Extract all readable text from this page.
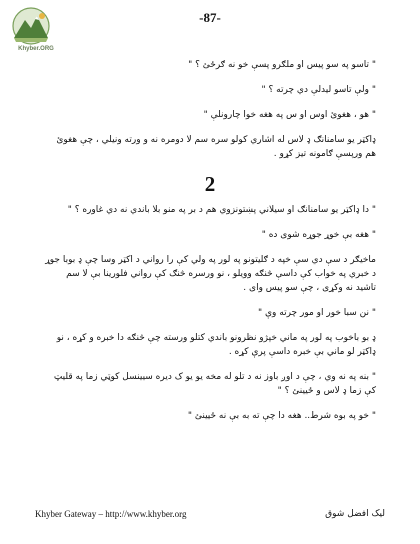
Khyber.ORG
-87-

" تاسو په سو پیس او ملګرو پسې خو نه ګرځئ ؟ "

" ولې تاسو لیدلې دي چرته ؟ "

" هو ، هغوئ اوس او س په هغه خوا چارونلې "

ډاکټر یو سامنانګ ډ لاس له اشاري کولو سره سم لا دومره نه و ورته ونیلي ، چې هغوئ هم ورپسې ګامونه تیز کړو .

2

" دا ډاکټر یو سامنانګ او سیلاني پښتونزوي هم د بر په منو بلا باندي نه دي غاوره ؟ "

" هغه بې خوړ جوړه شوی ده "

ماخیګر د سې دي سې خپه د ګلیتونو په لور په ولي کې را رواني د اکټر وسا چې ډ بوبا جوړ د خبري په خواب کې داسې څنګه وویلو ، نو ورسره څنګ کې رواني فلورینا بې لا سم تاشید نه وکړی ، چې سو پیس وای .

" نن سبا خور او مور چرته وې "

ډ بو باخوب په لور په ماني خپژو نظرونو باندي کتلو ورسته چې څنګه دا خبره و کړه ، نو ډاکټر لو ماني بې خبره داسې پرې کړه .

" بنه په نه وي ، چې د اوږ باوز نه د تلو له مخه یو یو ک دیره سیینسل کوټي زما په قلیټ کې زما ډ لاس و ځیینئ ؟ "

" خو په بوه شرط.. هغه دا چې ته به بې نه ځیینئ "

Khyber Gateway – http://www.khyber.org	لیک افضل شوق
